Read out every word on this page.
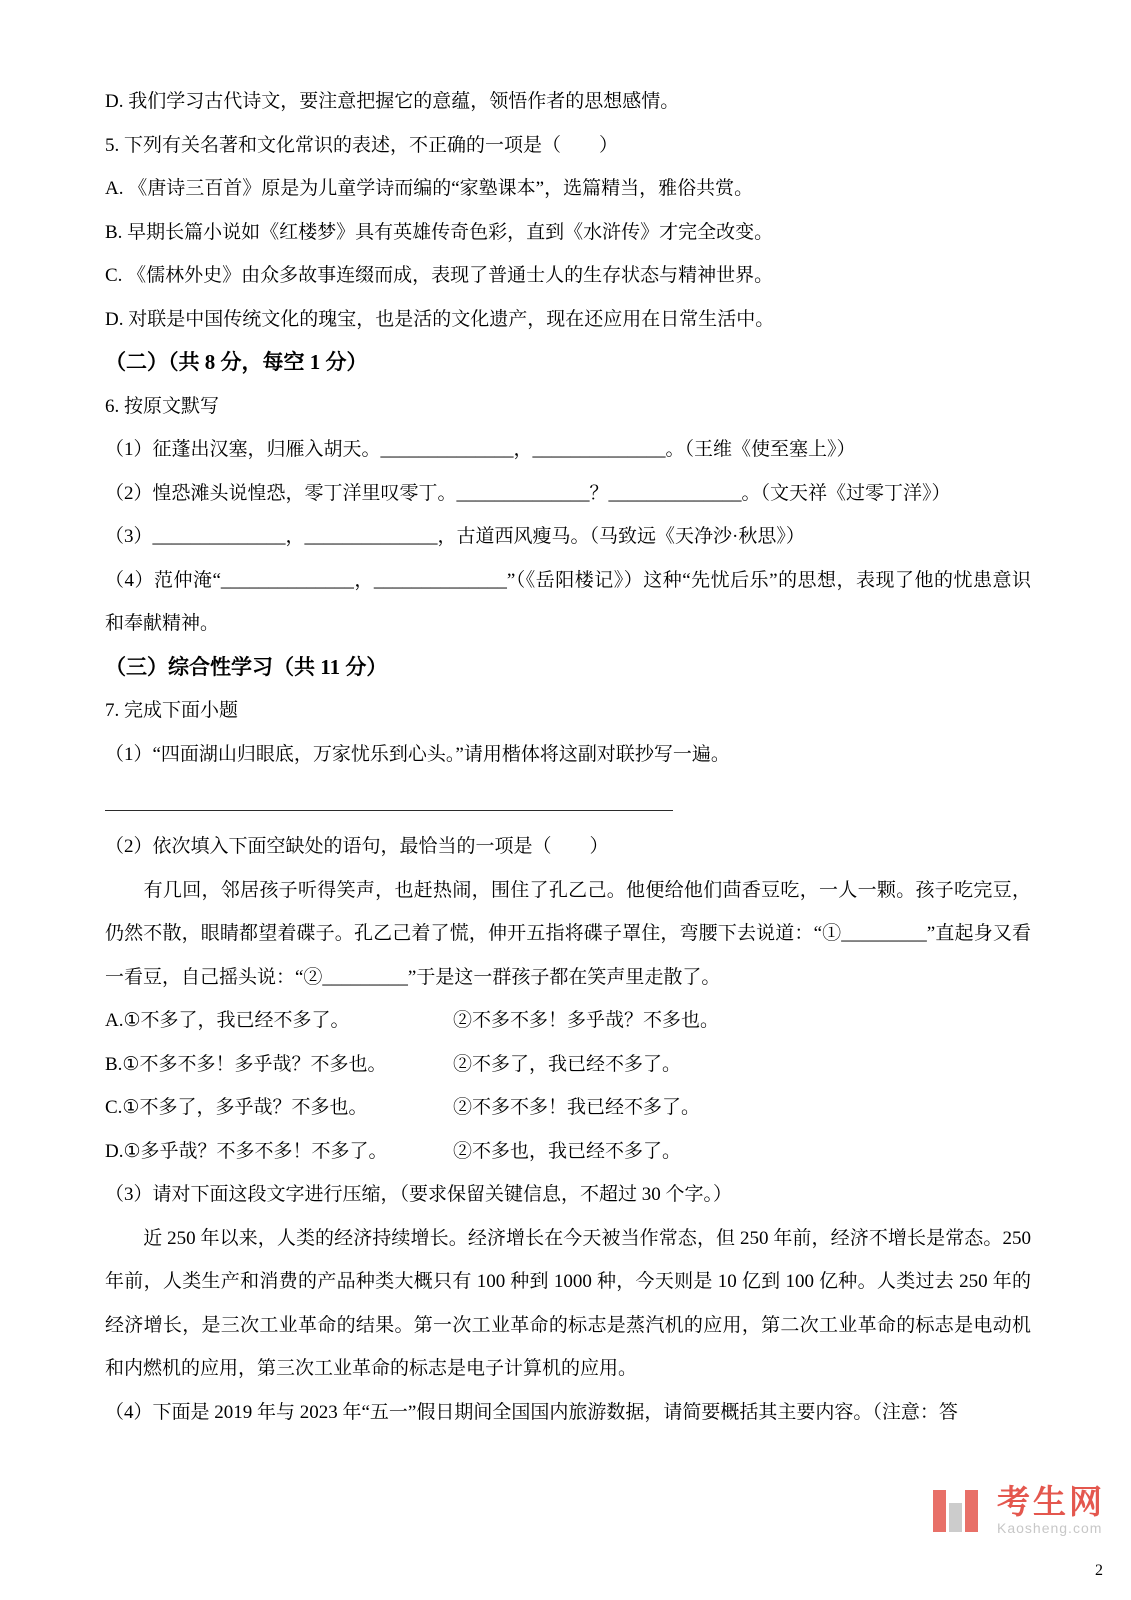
D. 我们学习古代诗文，要注意把握它的意蕴，领悟作者的思想感情。

5. 下列有关名著和文化常识的表述，不正确的一项是（　　）

A. 《唐诗三百首》原是为儿童学诗而编的“家塾课本”，选篇精当，雅俗共赏。

B. 早期长篇小说如《红楼梦》具有英雄传奇色彩，直到《水浒传》才完全改变。

C. 《儒林外史》由众多故事连缀而成，表现了普通士人的生存状态与精神世界。

D. 对联是中国传统文化的瑰宝，也是活的文化遗产，现在还应用在日常生活中。

（二）（共 8 分，每空 1 分）

6. 按原文默写

（1）征蓬出汉塞，归雁入胡天。______________，______________。（王维《使至塞上》）

（2）惶恐滩头说惶恐，零丁洋里叹零丁。______________？______________。（文天祥《过零丁洋》）

（3）______________，______________，古道西风瘦马。（马致远《天净沙·秋思》）

（4）范仲淹“______________，______________”（《岳阳楼记》）这种“先忧后乐”的思想，表现了他的忧患意识和奉献精神。

（三）综合性学习（共 11 分）

7. 完成下面小题

（1）“四面湖山归眼底，万家忧乐到心头。”请用楷体将这副对联抄写一遍。

（2）依次填入下面空缺处的语句，最恰当的一项是（　　）

　　有几回，邻居孩子听得笑声，也赶热闹，围住了孔乙己。他便给他们茴香豆吃，一人一颗。孩子吃完豆，仍然不散，眼睛都望着碟子。孔乙己着了慌，伸开五指将碟子罩住，弯腰下去说道：“①_________”直起身又看一看豆，自己摇头说：“②_________”于是这一群孩子都在笑声里走散了。

A.①不多了，我已经不多了。	②不多不多！多乎哉？不多也。

B.①不多不多！多乎哉？不多也。	②不多了，我已经不多了。

C.①不多了，多乎哉？不多也。	②不多不多！我已经不多了。

D.①多乎哉？不多不多！不多了。	②不多也，我已经不多了。

（3）请对下面这段文字进行压缩，（要求保留关键信息，不超过 30 个字。）

　　近 250 年以来，人类的经济持续增长。经济增长在今天被当作常态，但 250 年前，经济不增长是常态。250 年前，人类生产和消费的产品种类大概只有 100 种到 1000 种，今天则是 10 亿到 100 亿种。人类过去 250 年的经济增长，是三次工业革命的结果。第一次工业革命的标志是蒸汽机的应用，第二次工业革命的标志是电动机和内燃机的应用，第三次工业革命的标志是电子计算机的应用。

（4）下面是 2019 年与 2023 年“五一”假日期间全国国内旅游数据，请简要概括其主要内容。（注意：答

考生网
Kaosheng.com
2
